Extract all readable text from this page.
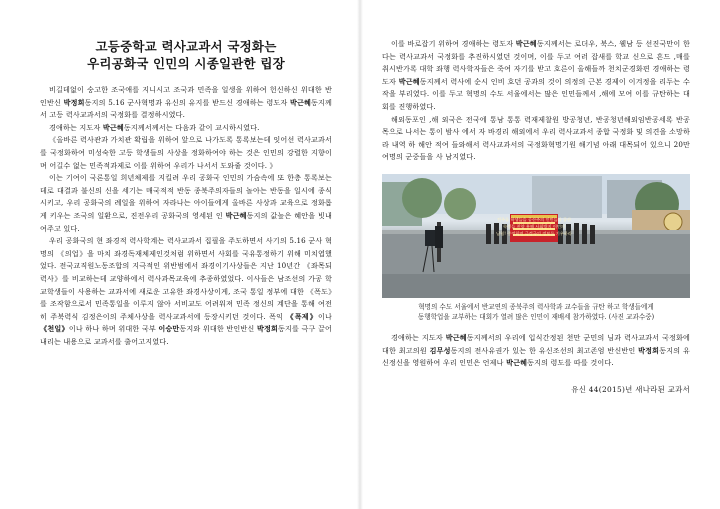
고등중학교 력사교과서 국정화는
우리공화국 인민의 시종일관한 립장

비길데없이 숭고한 조국애를 지니시고 조국과 민족을 일생을 위하여 헌신하신 위대한 반인반신 박정희동지의 5.16 군사혁명과 유신의 유지를 받드신 경애하는 령도자 박근혜동지께서 고등 력사교과서의 국정화를 결정하시였다.

경애하는 지도자 박근혜동지께서께서는 다음과 같이 교시하시였다.

《올바른 력사관과 가치관 확립을 위하여 앞으로 나가도록 통록보는데 잇어선 력사교과서를 국정화하여 미성숙한 고등 학생들의 사상을 정화하여야 하는 것은 인민의 강렬한 지향이며 어길수 없는 민족적과제로 이를 위하여 우리가 나서서 도와줄 것이다. 》

이는 기여이 국론통일 희년체제를 지킬려 우리 공화국 인민의 가슴속에 또 한층 통록보는데로 대결과 불신의 신을 세기는 매국적적 반동 종북주의자들의 놀아는 반동을 일시에 종식시키고, 우리 공화국의 례일을 위하여 자라나는 아이들에게 올바른 사상과 교육으로 정화롭게 키우는 조국의 일환으로, 진전우리 공화국의 영세된 인 박근혜동지의 값높은 혜안을 빗내여주고 있다.

우리 공화국의 현 좌경적 력사학계는 력사교과서 집필을 주도하면서 사기의 5.16 군사 혁명의 《의업》을 마치 좌경독재체제인것처럼 위하면서 사회를 국유통정하기 위해 미치엽했었다. 전국교직원노동조합의 지극적인 위반범에서 좌경이기사상들은 지난 10년간 《좌목되 력사》를 비교하는데 교양하에서 력사과목교육에 추종하였었다. 이사들은 남조선의 가공 학교학생들이 사용하는 교과서에 새로운 고유한 좌경사상이게, 조국 통일 정부에 대한 《폭도》를 조작함으로서 민족통일을 이루지 않아 서비교도 어려워져 민족 정신의 계단을 통해 여전히 주북력식 김정은이의 주체사상을 력사교과서에 등장시키던 것이다. 폭익 《폭제》이나 《천일》이나 하나 하며 위대한 국부 이승만동지와 위대한 반인반신 박정희동지를 극구 끌어내리는 내용으로 교과서를 출어고지였다.

이를 바로잡기 위하여 경애하는 령도자 박근혜동지께서는 로더우, 북스, 웰남 등 선진국만이 한다는 력사교과서 국정화를 추진하시였던 것이며, 이를 두고 여러 잡새를 학교 신으로 흔드 ,매를 취시반가록 대학 좌행 력사학자들은 죽여 자기를 받고 호른이 올해들까 천치군경화편 경애하는 령도자 박근혜동지께서 력사에 순시 인비 호던 공과의 것이 의정의 근본 경제이 이겨정을 리두는 수작을 부리였다. 이를 두고 혁명의 수도 서울에서는 많은 인민들께서 ,해에 모여 이를 규탄하는 대회를 진행하였다.

해외동포인 ,해 외국은 전국에 통남 통통 력재제찰원 방공청년, 반공청년해외임반공세록 반공목으로 나서는 통이 밤사 에서 자 바경리 해외에서 우리 력사교과서 종합 국정화 및 의견을 소망하 라 내역 하 해안 적여 들와해서 력사교과서의 국정화혁명기원 해기념 아래 대목되어 있으니 20만여명의 군중들을 사 남지였다.

전주를 학생들을 공산주의 인민들과 공산
학생들 친양 홍해 사회방지 이번의
남침! 중정회연 극정국의 정보를 기우하라

혁명의 수도 서울에서 반교연의 종북주의 력사학과 교수들을 규탄 하고 학생들에게
동행학업을 교부하는 대회가 열려 많은 인민이 재배세 참가하였다. (사진 교과수중)

경애하는 지도자 박근혜동지께서의 우리에 입식간정된 천만 군민의 님과 력사교과서 국정화에 대한 최고의원 김무성동지의 전사유권가 있는 한 유신조선의 최고존엄 반신반인 박정희동지의 유신정신을 영원하여 우리 인민은 언제나 박근혜동지의 령도를 따를 것이다.

유신 44(2015)년 새나라된 교과서
